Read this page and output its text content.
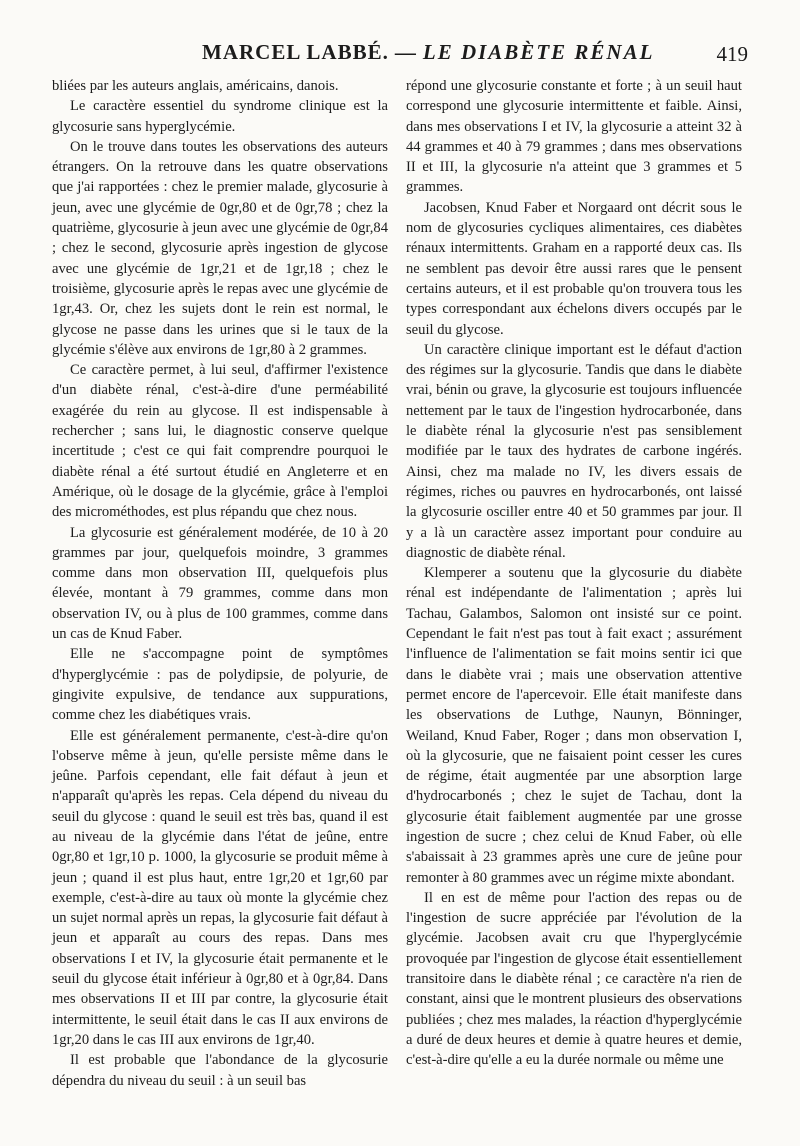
MARCEL LABBÉ. — LE DIABÈTE RÉNAL	419

bliées par les auteurs anglais, américains, danois.

Le caractère essentiel du syndrome clinique est la glycosurie sans hyperglycémie.

On le trouve dans toutes les observations des auteurs étrangers. On la retrouve dans les quatre observations que j'ai rapportées : chez le premier malade, glycosurie à jeun, avec une glycémie de 0gr,80 et de 0gr,78 ; chez la quatrième, glycosurie à jeun avec une glycémie de 0gr,84 ; chez le second, glycosurie après ingestion de glycose avec une glycémie de 1gr,21 et de 1gr,18 ; chez le troisième, glycosurie après le repas avec une glycémie de 1gr,43. Or, chez les sujets dont le rein est normal, le glycose ne passe dans les urines que si le taux de la glycémie s'élève aux environs de 1gr,80 à 2 grammes.

Ce caractère permet, à lui seul, d'affirmer l'existence d'un diabète rénal, c'est-à-dire d'une perméabilité exagérée du rein au glycose. Il est indispensable à rechercher ; sans lui, le diagnostic conserve quelque incertitude ; c'est ce qui fait comprendre pourquoi le diabète rénal a été surtout étudié en Angleterre et en Amérique, où le dosage de la glycémie, grâce à l'emploi des microméthodes, est plus répandu que chez nous.

La glycosurie est généralement modérée, de 10 à 20 grammes par jour, quelquefois moindre, 3 grammes comme dans mon observation III, quelquefois plus élevée, montant à 79 grammes, comme dans mon observation IV, ou à plus de 100 grammes, comme dans un cas de Knud Faber.

Elle ne s'accompagne point de symptômes d'hyperglycémie : pas de polydipsie, de polyurie, de gingivite expulsive, de tendance aux suppurations, comme chez les diabétiques vrais.

Elle est généralement permanente, c'est-à-dire qu'on l'observe même à jeun, qu'elle persiste même dans le jeûne. Parfois cependant, elle fait défaut à jeun et n'apparaît qu'après les repas. Cela dépend du niveau du seuil du glycose : quand le seuil est très bas, quand il est au niveau de la glycémie dans l'état de jeûne, entre 0gr,80 et 1gr,10 p. 1000, la glycosurie se produit même à jeun ; quand il est plus haut, entre 1gr,20 et 1gr,60 par exemple, c'est-à-dire au taux où monte la glycémie chez un sujet normal après un repas, la glycosurie fait défaut à jeun et apparaît au cours des repas. Dans mes observations I et IV, la glycosurie était permanente et le seuil du glycose était inférieur à 0gr,80 et à 0gr,84. Dans mes observations II et III par contre, la glycosurie était intermittente, le seuil était dans le cas II aux environs de 1gr,20 dans le cas III aux environs de 1gr,40.

Il est probable que l'abondance de la glycosurie dépendra du niveau du seuil : à un seuil bas

répond une glycosurie constante et forte ; à un seuil haut correspond une glycosurie intermittente et faible. Ainsi, dans mes observations I et IV, la glycosurie a atteint 32 à 44 grammes et 40 à 79 grammes ; dans mes observations II et III, la glycosurie n'a atteint que 3 grammes et 5 grammes.

Jacobsen, Knud Faber et Norgaard ont décrit sous le nom de glycosuries cycliques alimentaires, ces diabètes rénaux intermittents. Graham en a rapporté deux cas. Ils ne semblent pas devoir être aussi rares que le pensent certains auteurs, et il est probable qu'on trouvera tous les types correspondant aux échelons divers occupés par le seuil du glycose.

Un caractère clinique important est le défaut d'action des régimes sur la glycosurie. Tandis que dans le diabète vrai, bénin ou grave, la glycosurie est toujours influencée nettement par le taux de l'ingestion hydrocarbonée, dans le diabète rénal la glycosurie n'est pas sensiblement modifiée par le taux des hydrates de carbone ingérés. Ainsi, chez ma malade no IV, les divers essais de régimes, riches ou pauvres en hydrocarbonés, ont laissé la glycosurie osciller entre 40 et 50 grammes par jour. Il y a là un caractère assez important pour conduire au diagnostic de diabète rénal.

Klemperer a soutenu que la glycosurie du diabète rénal est indépendante de l'alimentation ; après lui Tachau, Galambos, Salomon ont insisté sur ce point. Cependant le fait n'est pas tout à fait exact ; assurément l'influence de l'alimentation se fait moins sentir ici que dans le diabète vrai ; mais une observation attentive permet encore de l'apercevoir. Elle était manifeste dans les observations de Luthge, Naunyn, Bönninger, Weiland, Knud Faber, Roger ; dans mon observation I, où la glycosurie, que ne faisaient point cesser les cures de régime, était augmentée par une absorption large d'hydrocarbonés ; chez le sujet de Tachau, dont la glycosurie était faiblement augmentée par une grosse ingestion de sucre ; chez celui de Knud Faber, où elle s'abaissait à 23 grammes après une cure de jeûne pour remonter à 80 grammes avec un régime mixte abondant.

Il en est de même pour l'action des repas ou de l'ingestion de sucre appréciée par l'évolution de la glycémie. Jacobsen avait cru que l'hyperglycémie provoquée par l'ingestion de glycose était essentiellement transitoire dans le diabète rénal ; ce caractère n'a rien de constant, ainsi que le montrent plusieurs des observations publiées ; chez mes malades, la réaction d'hyperglycémie a duré de deux heures et demie à quatre heures et demie, c'est-à-dire qu'elle a eu la durée normale ou même une
